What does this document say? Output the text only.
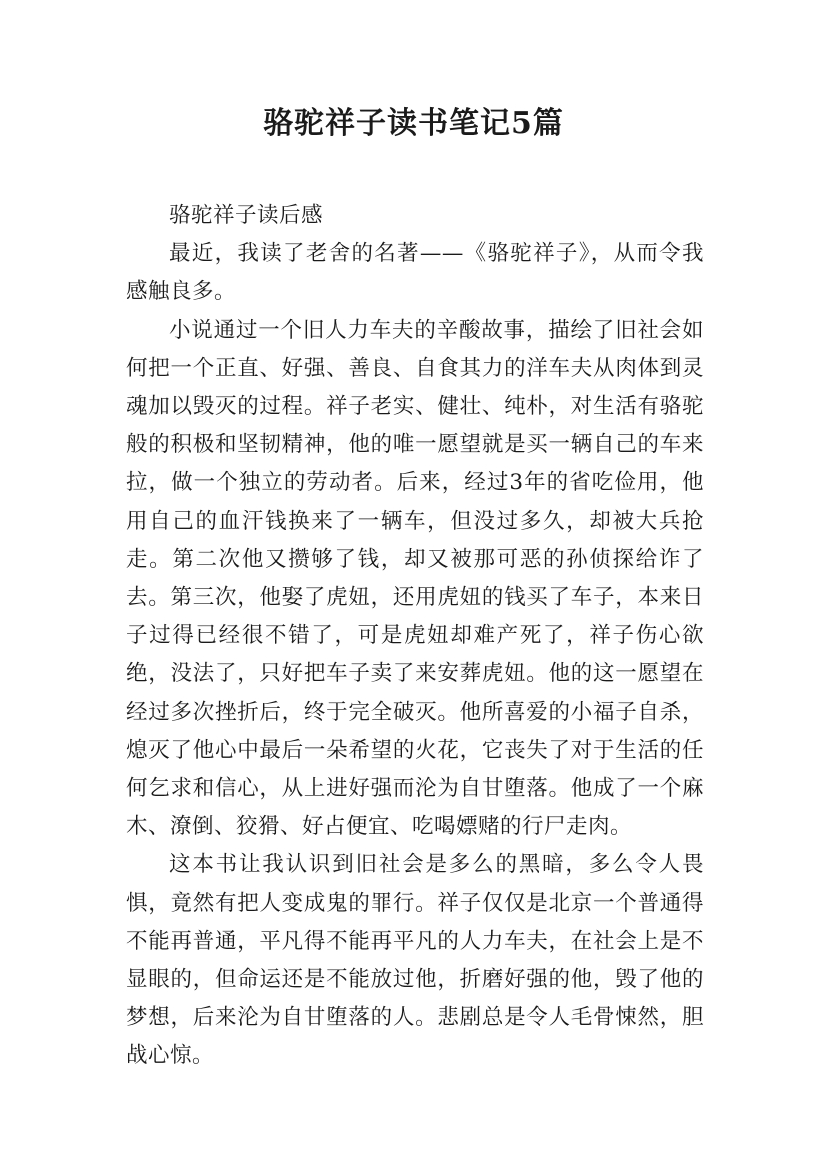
骆驼祥子读书笔记5篇

骆驼祥子读后感

最近，我读了老舍的名著——《骆驼祥子》，从而令我感触良多。

小说通过一个旧人力车夫的辛酸故事，描绘了旧社会如何把一个正直、好强、善良、自食其力的洋车夫从肉体到灵魂加以毁灭的过程。祥子老实、健壮、纯朴，对生活有骆驼般的积极和坚韧精神，他的唯一愿望就是买一辆自己的车来拉，做一个独立的劳动者。后来，经过3年的省吃俭用，他用自己的血汗钱换来了一辆车，但没过多久，却被大兵抢走。第二次他又攒够了钱，却又被那可恶的孙侦探给诈了去。第三次，他娶了虎妞，还用虎妞的钱买了车子，本来日子过得已经很不错了，可是虎妞却难产死了，祥子伤心欲绝，没法了，只好把车子卖了来安葬虎妞。他的这一愿望在经过多次挫折后，终于完全破灭。他所喜爱的小福子自杀，熄灭了他心中最后一朵希望的火花，它丧失了对于生活的任何乞求和信心，从上进好强而沦为自甘堕落。他成了一个麻木、潦倒、狡猾、好占便宜、吃喝嫖赌的行尸走肉。

这本书让我认识到旧社会是多么的黑暗，多么令人畏惧，竟然有把人变成鬼的罪行。祥子仅仅是北京一个普通得不能再普通，平凡得不能再平凡的人力车夫，在社会上是不显眼的，但命运还是不能放过他，折磨好强的他，毁了他的梦想，后来沦为自甘堕落的人。悲剧总是令人毛骨悚然，胆战心惊。
